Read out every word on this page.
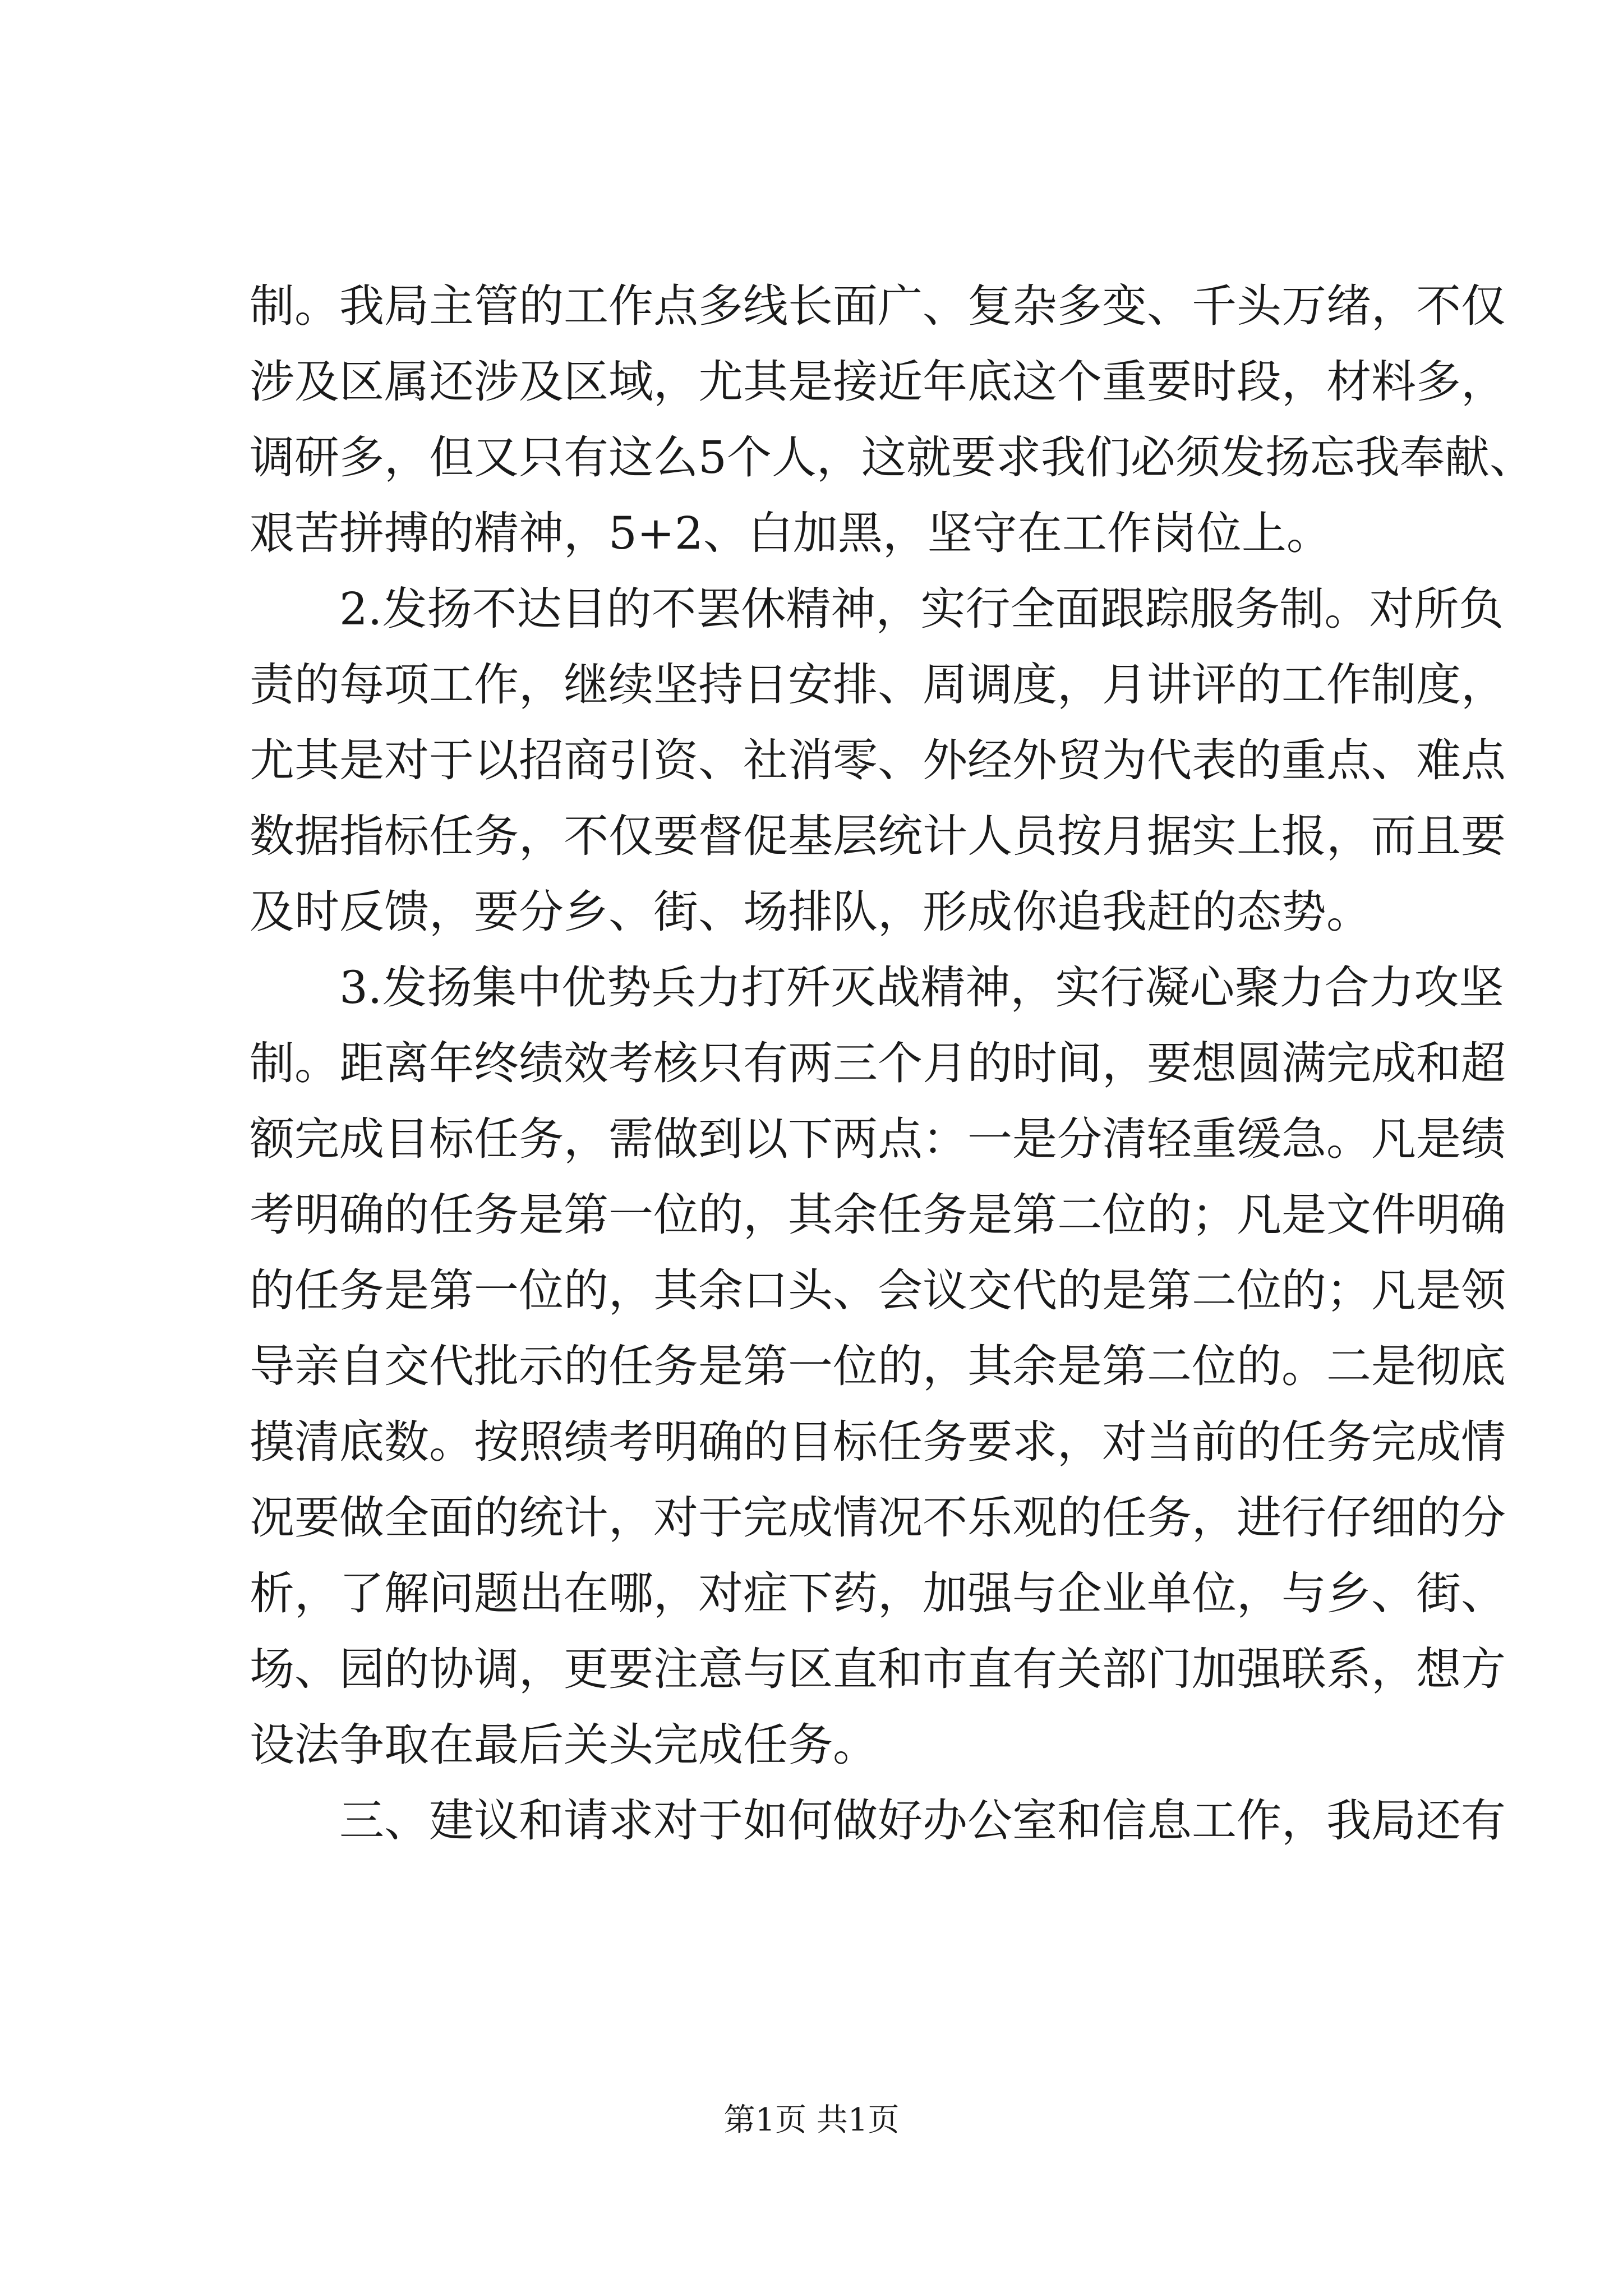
制。我局主管的工作点多线长面广、复杂多变、千头万绪，不仅
涉及区属还涉及区域，尤其是接近年底这个重要时段，材料多，
调研多，但又只有这么5个人，这就要求我们必须发扬忘我奉献、
艰苦拼搏的精神，5+2、白加黑，坚守在工作岗位上。
2.发扬不达目的不罢休精神，实行全面跟踪服务制。对所负
责的每项工作，继续坚持日安排、周调度，月讲评的工作制度，
尤其是对于以招商引资、社消零、外经外贸为代表的重点、难点
数据指标任务，不仅要督促基层统计人员按月据实上报，而且要
及时反馈，要分乡、街、场排队，形成你追我赶的态势。
3.发扬集中优势兵力打歼灭战精神，实行凝心聚力合力攻坚
制。距离年终绩效考核只有两三个月的时间，要想圆满完成和超
额完成目标任务，需做到以下两点：一是分清轻重缓急。凡是绩
考明确的任务是第一位的，其余任务是第二位的；凡是文件明确
的任务是第一位的，其余口头、会议交代的是第二位的；凡是领
导亲自交代批示的任务是第一位的，其余是第二位的。二是彻底
摸清底数。按照绩考明确的目标任务要求，对当前的任务完成情
况要做全面的统计，对于完成情况不乐观的任务，进行仔细的分
析，了解问题出在哪，对症下药，加强与企业单位，与乡、街、
场、园的协调，更要注意与区直和市直有关部门加强联系，想方
设法争取在最后关头完成任务。
三、建议和请求对于如何做好办公室和信息工作，我局还有
第1页 共1页
